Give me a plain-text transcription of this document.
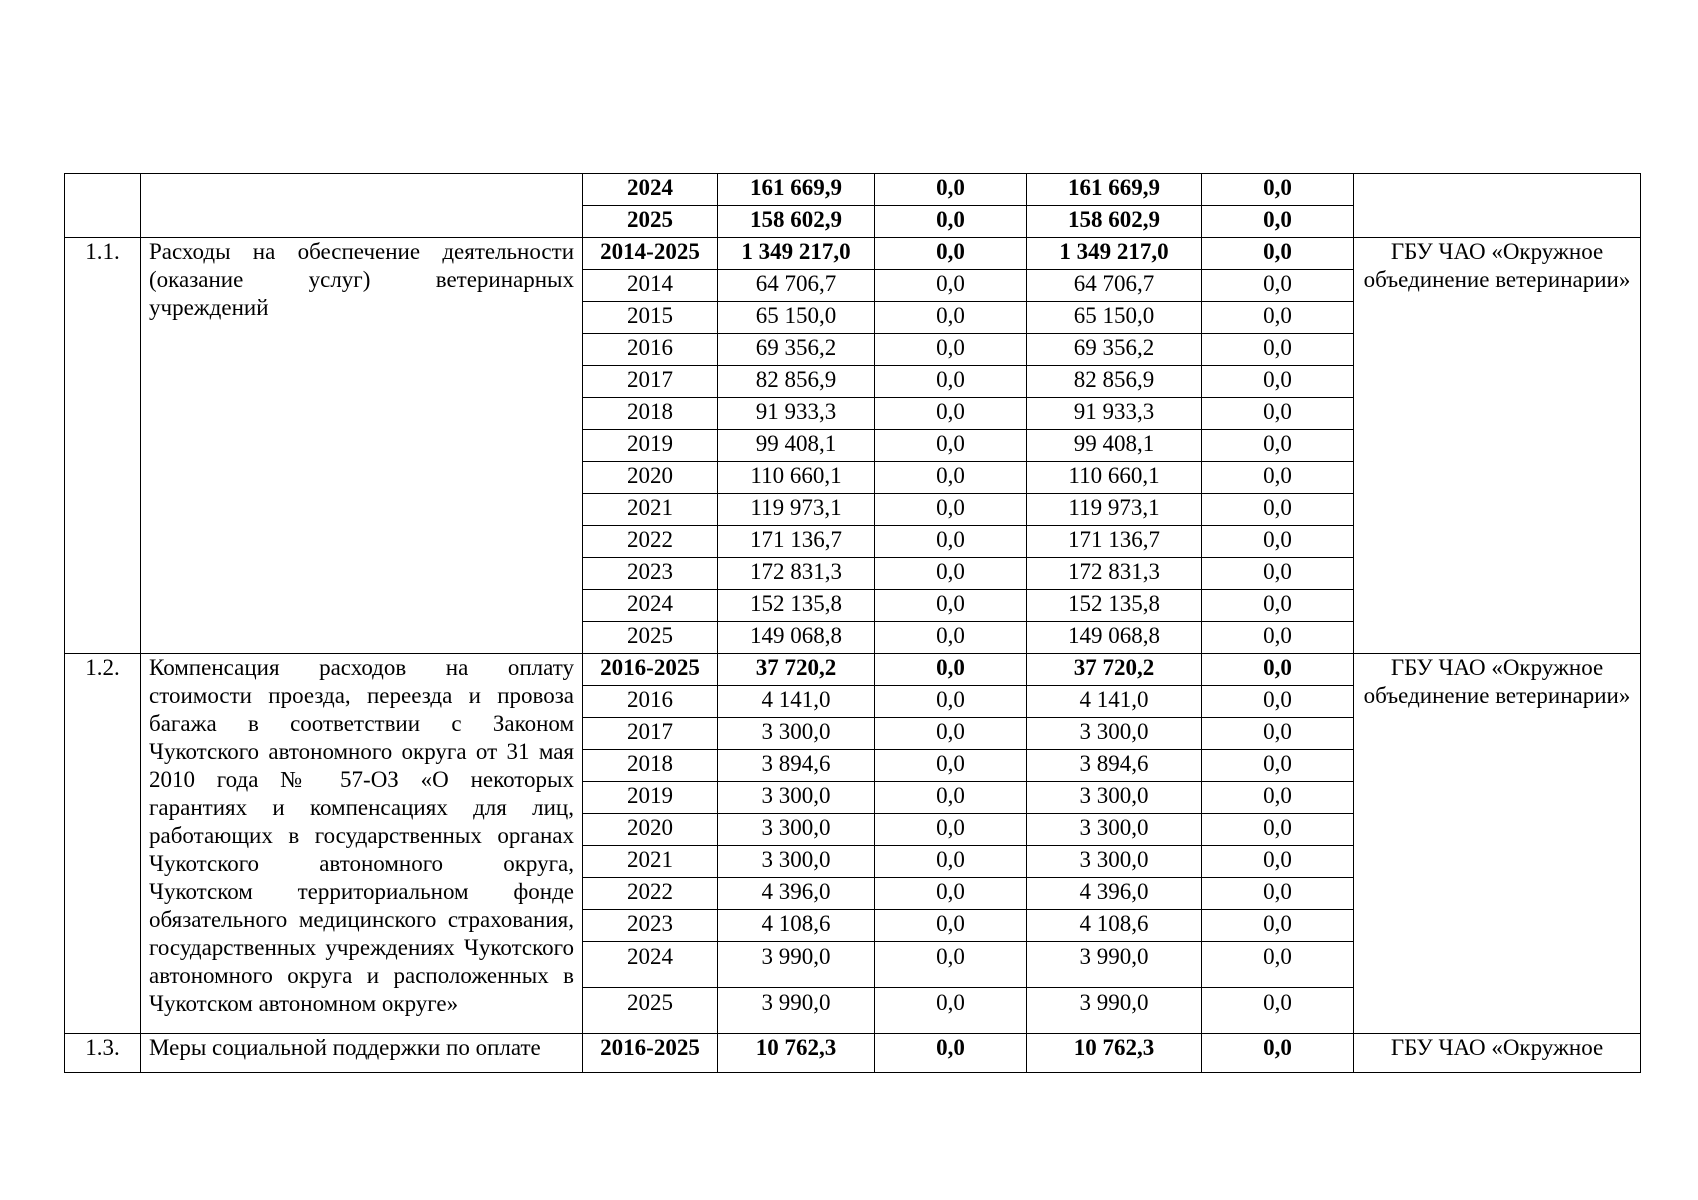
		2024	161 669,9	0,0	161 669,9	0,0	
		2025	158 602,9	0,0	158 602,9	0,0	
1.1.	Расходы на обеспечение деятельности (оказание услуг) ветеринарных учреждений	2014-2025	1 349 217,0	0,0	1 349 217,0	0,0	ГБУ ЧАО «Окружное объединение ветеринарии»
		2014	64 706,7	0,0	64 706,7	0,0	
		2015	65 150,0	0,0	65 150,0	0,0	
		2016	69 356,2	0,0	69 356,2	0,0	
		2017	82 856,9	0,0	82 856,9	0,0	
		2018	91 933,3	0,0	91 933,3	0,0	
		2019	99 408,1	0,0	99 408,1	0,0	
		2020	110 660,1	0,0	110 660,1	0,0	
		2021	119 973,1	0,0	119 973,1	0,0	
		2022	171 136,7	0,0	171 136,7	0,0	
		2023	172 831,3	0,0	172 831,3	0,0	
		2024	152 135,8	0,0	152 135,8	0,0	
		2025	149 068,8	0,0	149 068,8	0,0	
1.2.	Компенсация расходов на оплату стоимости проезда, переезда и провоза багажа в соответствии с Законом Чукотского автономного округа от 31 мая 2010 года № 57-ОЗ «О некоторых гарантиях и компенсациях для лиц, работающих в государственных органах Чукотского автономного округа, Чукотском территориальном фонде обязательного медицинского страхования, государственных учреждениях Чукотского автономного округа и расположенных в Чукотском автономном округе»	2016-2025	37 720,2	0,0	37 720,2	0,0	ГБУ ЧАО «Окружное объединение ветеринарии»
		2016	4 141,0	0,0	4 141,0	0,0	
		2017	3 300,0	0,0	3 300,0	0,0	
		2018	3 894,6	0,0	3 894,6	0,0	
		2019	3 300,0	0,0	3 300,0	0,0	
		2020	3 300,0	0,0	3 300,0	0,0	
		2021	3 300,0	0,0	3 300,0	0,0	
		2022	4 396,0	0,0	4 396,0	0,0	
		2023	4 108,6	0,0	4 108,6	0,0	
		2024	3 990,0	0,0	3 990,0	0,0	
		2025	3 990,0	0,0	3 990,0	0,0	
1.3.	Меры социальной поддержки по оплате	2016-2025	10 762,3	0,0	10 762,3	0,0	ГБУ ЧАО «Окружное
